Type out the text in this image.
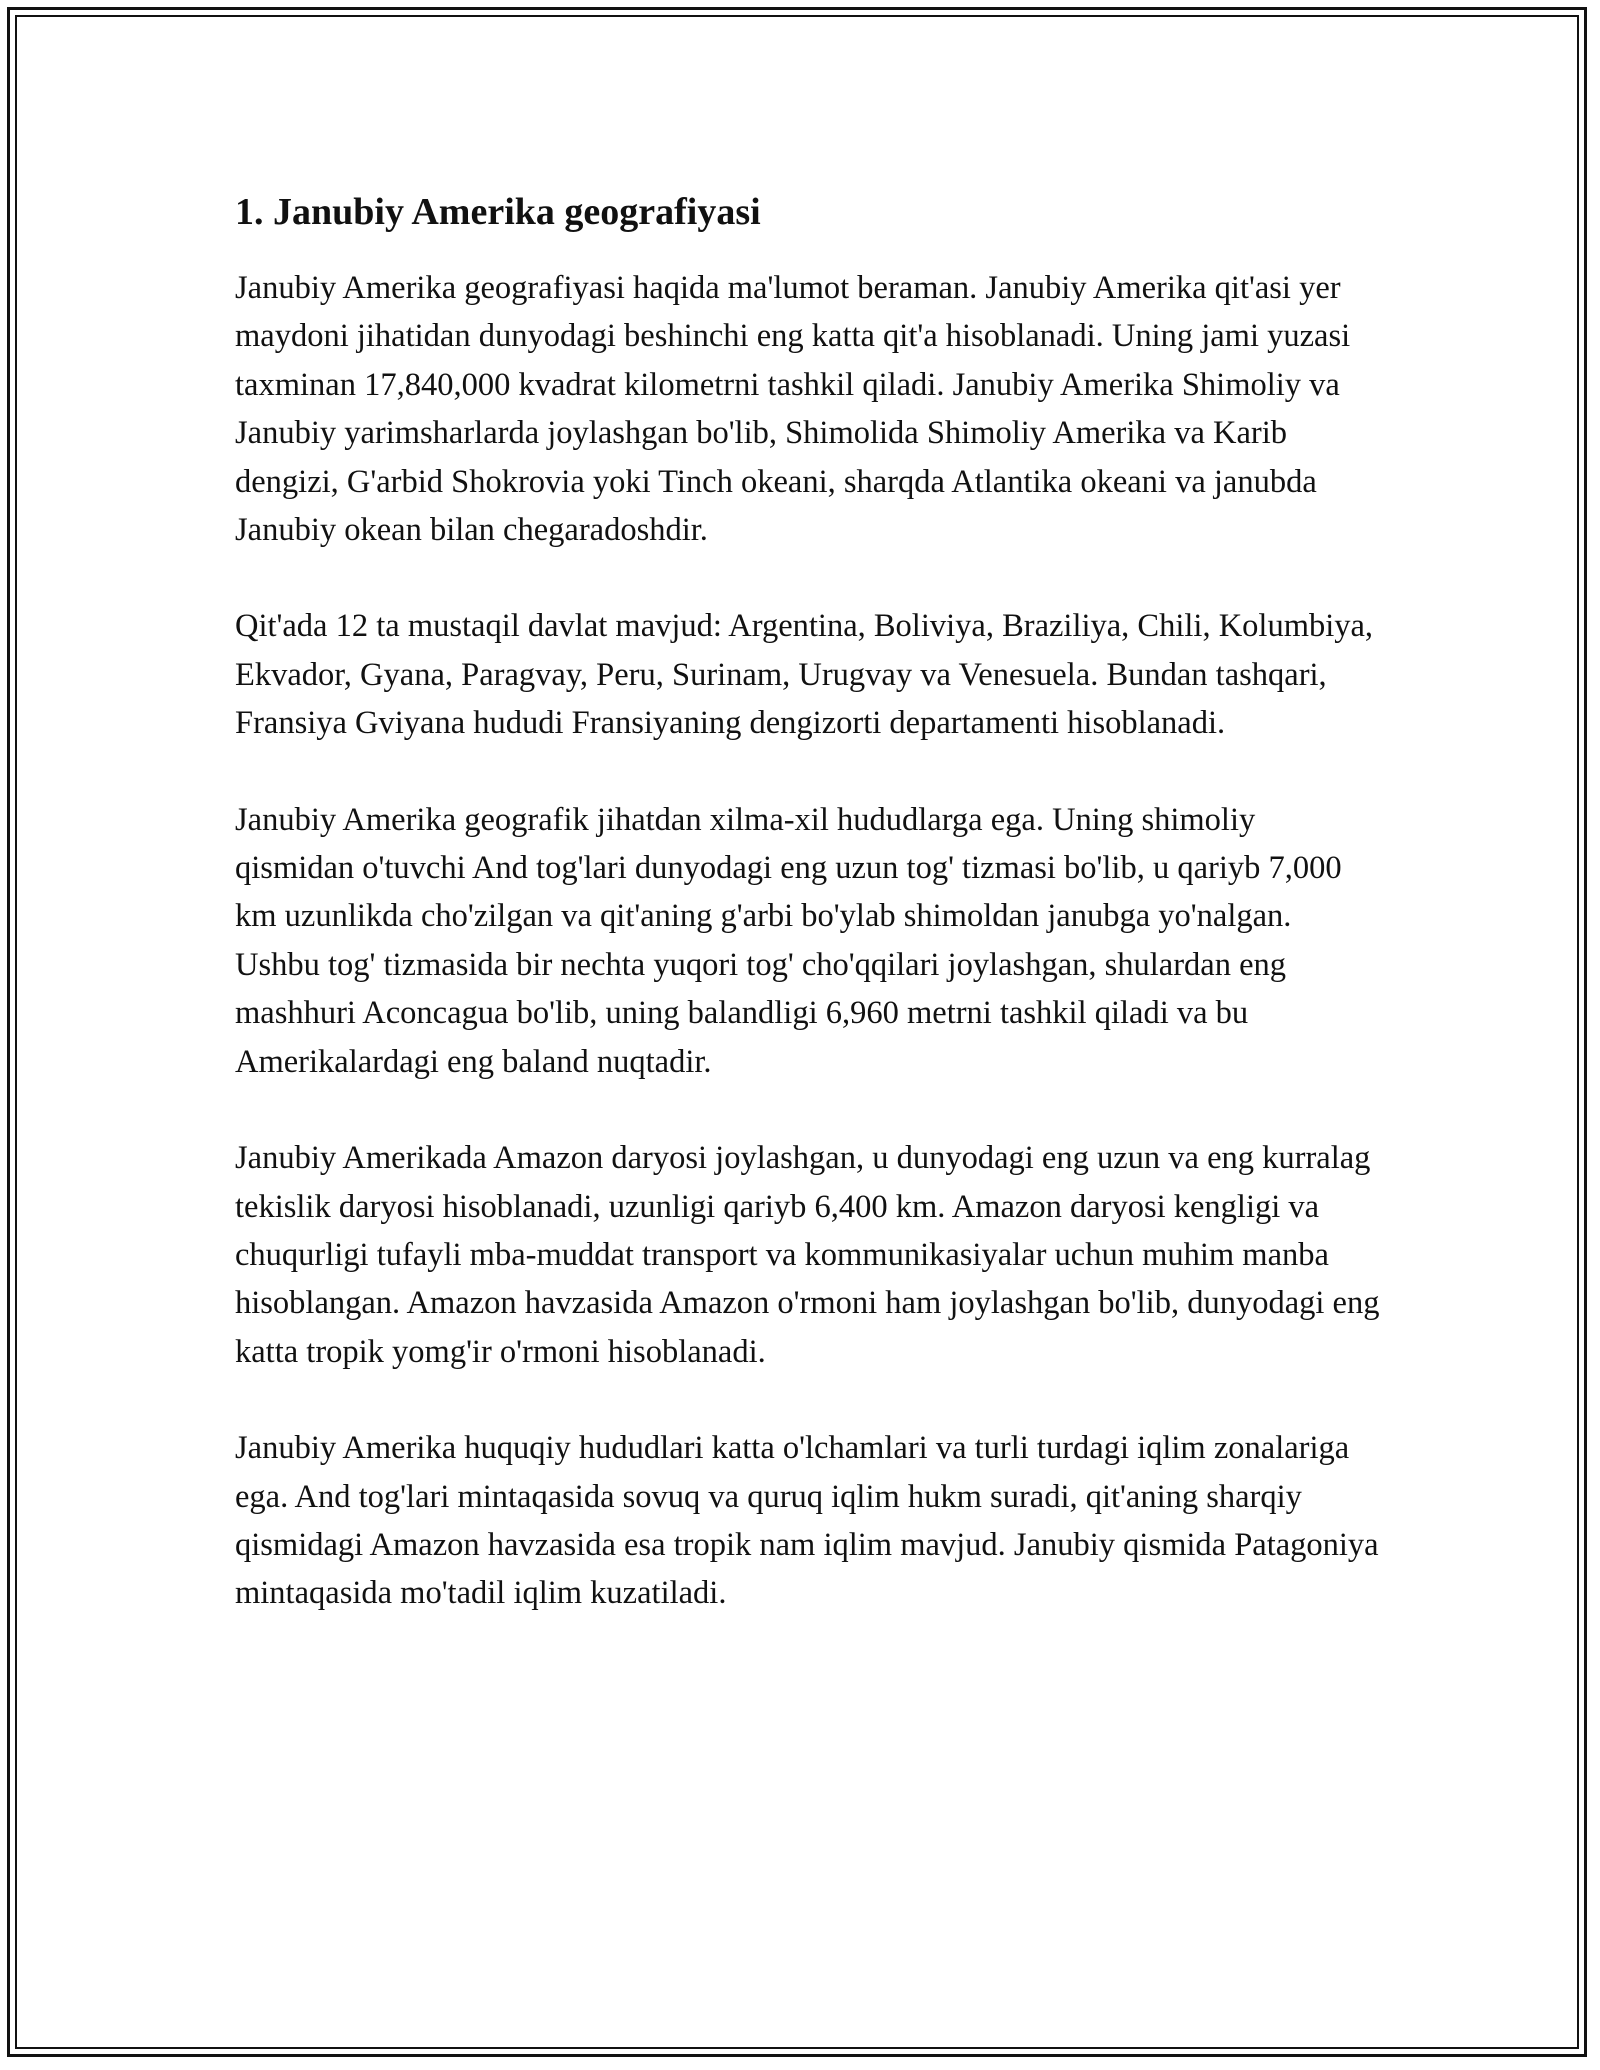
1. Janubiy Amerika geografiyasi

Janubiy Amerika geografiyasi haqida ma'lumot beraman. Janubiy Amerika qit'asi yer maydoni jihatidan dunyodagi beshinchi eng katta qit'a hisoblanadi. Uning jami yuzasi taxminan 17,840,000 kvadrat kilometrni tashkil qiladi. Janubiy Amerika Shimoliy va Janubiy yarimsharlarda joylashgan bo'lib, Shimolida Shimoliy Amerika va Karib dengizi, G'arbid Shokrovia yoki Tinch okeani, sharqda Atlantika okeani va janubda Janubiy okean bilan chegaradoshdir.

Qit'ada 12 ta mustaqil davlat mavjud: Argentina, Boliviya, Braziliya, Chili, Kolumbiya, Ekvador, Gyana, Paragvay, Peru, Surinam, Urugvay va Venesuela. Bundan tashqari, Fransiya Gviyana hududi Fransiyaning dengizorti departamenti hisoblanadi.

Janubiy Amerika geografik jihatdan xilma-xil hududlarga ega. Uning shimoliy qismidan o'tuvchi And tog'lari dunyodagi eng uzun tog' tizmasi bo'lib, u qariyb 7,000 km uzunlikda cho'zilgan va qit'aning g'arbi bo'ylab shimoldan janubga yo'nalgan. Ushbu tog' tizmasida bir nechta yuqori tog' cho'qqilari joylashgan, shulardan eng mashhuri Aconcagua bo'lib, uning balandligi 6,960 metrni tashkil qiladi va bu Amerikalardagi eng baland nuqtadir.

Janubiy Amerikada Amazon daryosi joylashgan, u dunyodagi eng uzun va eng kurralag tekislik daryosi hisoblanadi, uzunligi qariyb 6,400 km. Amazon daryosi kengligi va chuqurligi tufayli mba-muddat transport va kommunikasiyalar uchun muhim manba hisoblangan. Amazon havzasida Amazon o'rmoni ham joylashgan bo'lib, dunyodagi eng katta tropik yomg'ir o'rmoni hisoblanadi.

Janubiy Amerika huquqiy hududlari katta o'lchamlari va turli turdagi iqlim zonalariga ega. And tog'lari mintaqasida sovuq va quruq iqlim hukm suradi, qit'aning sharqiy qismidagi Amazon havzasida esa tropik nam iqlim mavjud. Janubiy qismida Patagoniya mintaqasida mo'tadil iqlim kuzatiladi.
